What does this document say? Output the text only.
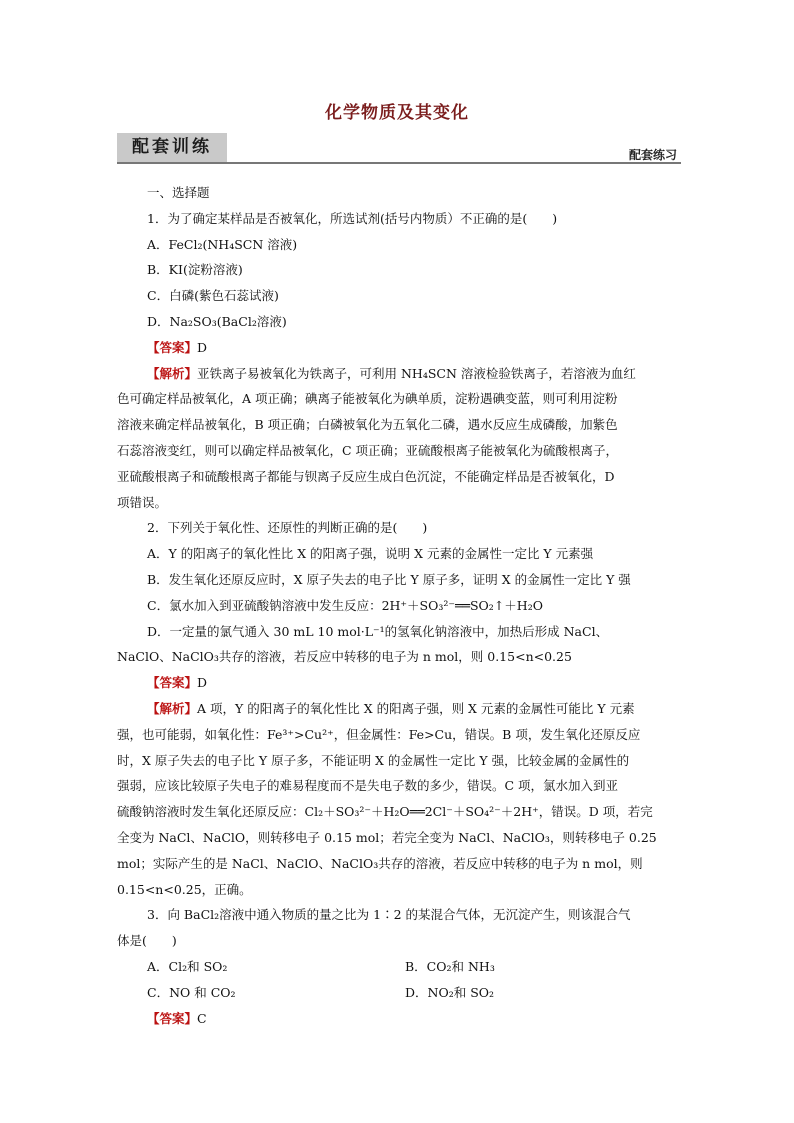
化学物质及其变化
配套训练	配套练习
一、选择题
1．为了确定某样品是否被氧化，所选试剂(括号内物质）不正确的是(　　)
A．FeCl₂(NH₄SCN 溶液)
B．KI(淀粉溶液)
C．白磷(紫色石蕊试液)
D．Na₂SO₃(BaCl₂溶液)
【答案】D
【解析】亚铁离子易被氧化为铁离子，可利用 NH₄SCN 溶液检验铁离子，若溶液为血红
色可确定样品被氧化，A 项正确；碘离子能被氧化为碘单质，淀粉遇碘变蓝，则可利用淀粉
溶液来确定样品被氧化，B 项正确；白磷被氧化为五氧化二磷，遇水反应生成磷酸，加紫色
石蕊溶液变红，则可以确定样品被氧化，C 项正确；亚硫酸根离子能被氧化为硫酸根离子，
亚硫酸根离子和硫酸根离子都能与钡离子反应生成白色沉淀，不能确定样品是否被氧化，D
项错误。
2．下列关于氧化性、还原性的判断正确的是(　　)
A．Y 的阳离子的氧化性比 X 的阳离子强，说明 X 元素的金属性一定比 Y 元素强
B．发生氧化还原反应时，X 原子失去的电子比 Y 原子多，证明 X 的金属性一定比 Y 强
C．氯水加入到亚硫酸钠溶液中发生反应：2H⁺＋SO₃²⁻══SO₂↑＋H₂O
D．一定量的氯气通入 30 mL 10 mol·L⁻¹的氢氧化钠溶液中，加热后形成 NaCl、
NaClO、NaClO₃共存的溶液，若反应中转移的电子为 n mol，则 0.15<n<0.25
【答案】D
【解析】A 项，Y 的阳离子的氧化性比 X 的阳离子强，则 X 元素的金属性可能比 Y 元素
强，也可能弱，如氧化性：Fe³⁺>Cu²⁺，但金属性：Fe>Cu，错误。B 项，发生氧化还原反应
时，X 原子失去的电子比 Y 原子多，不能证明 X 的金属性一定比 Y 强，比较金属的金属性的
强弱，应该比较原子失电子的难易程度而不是失电子数的多少，错误。C 项，氯水加入到亚
硫酸钠溶液时发生氧化还原反应：Cl₂＋SO₃²⁻＋H₂O══2Cl⁻＋SO₄²⁻＋2H⁺，错误。D 项，若完
全变为 NaCl、NaClO，则转移电子 0.15 mol；若完全变为 NaCl、NaClO₃，则转移电子 0.25
mol；实际产生的是 NaCl、NaClO、NaClO₃共存的溶液，若反应中转移的电子为 n mol，则
0.15<n<0.25，正确。
3．向 BaCl₂溶液中通入物质的量之比为 1∶2 的某混合气体，无沉淀产生，则该混合气
体是(　　)
A．Cl₂和 SO₂	B．CO₂和 NH₃
C．NO 和 CO₂	D．NO₂和 SO₂
【答案】C
